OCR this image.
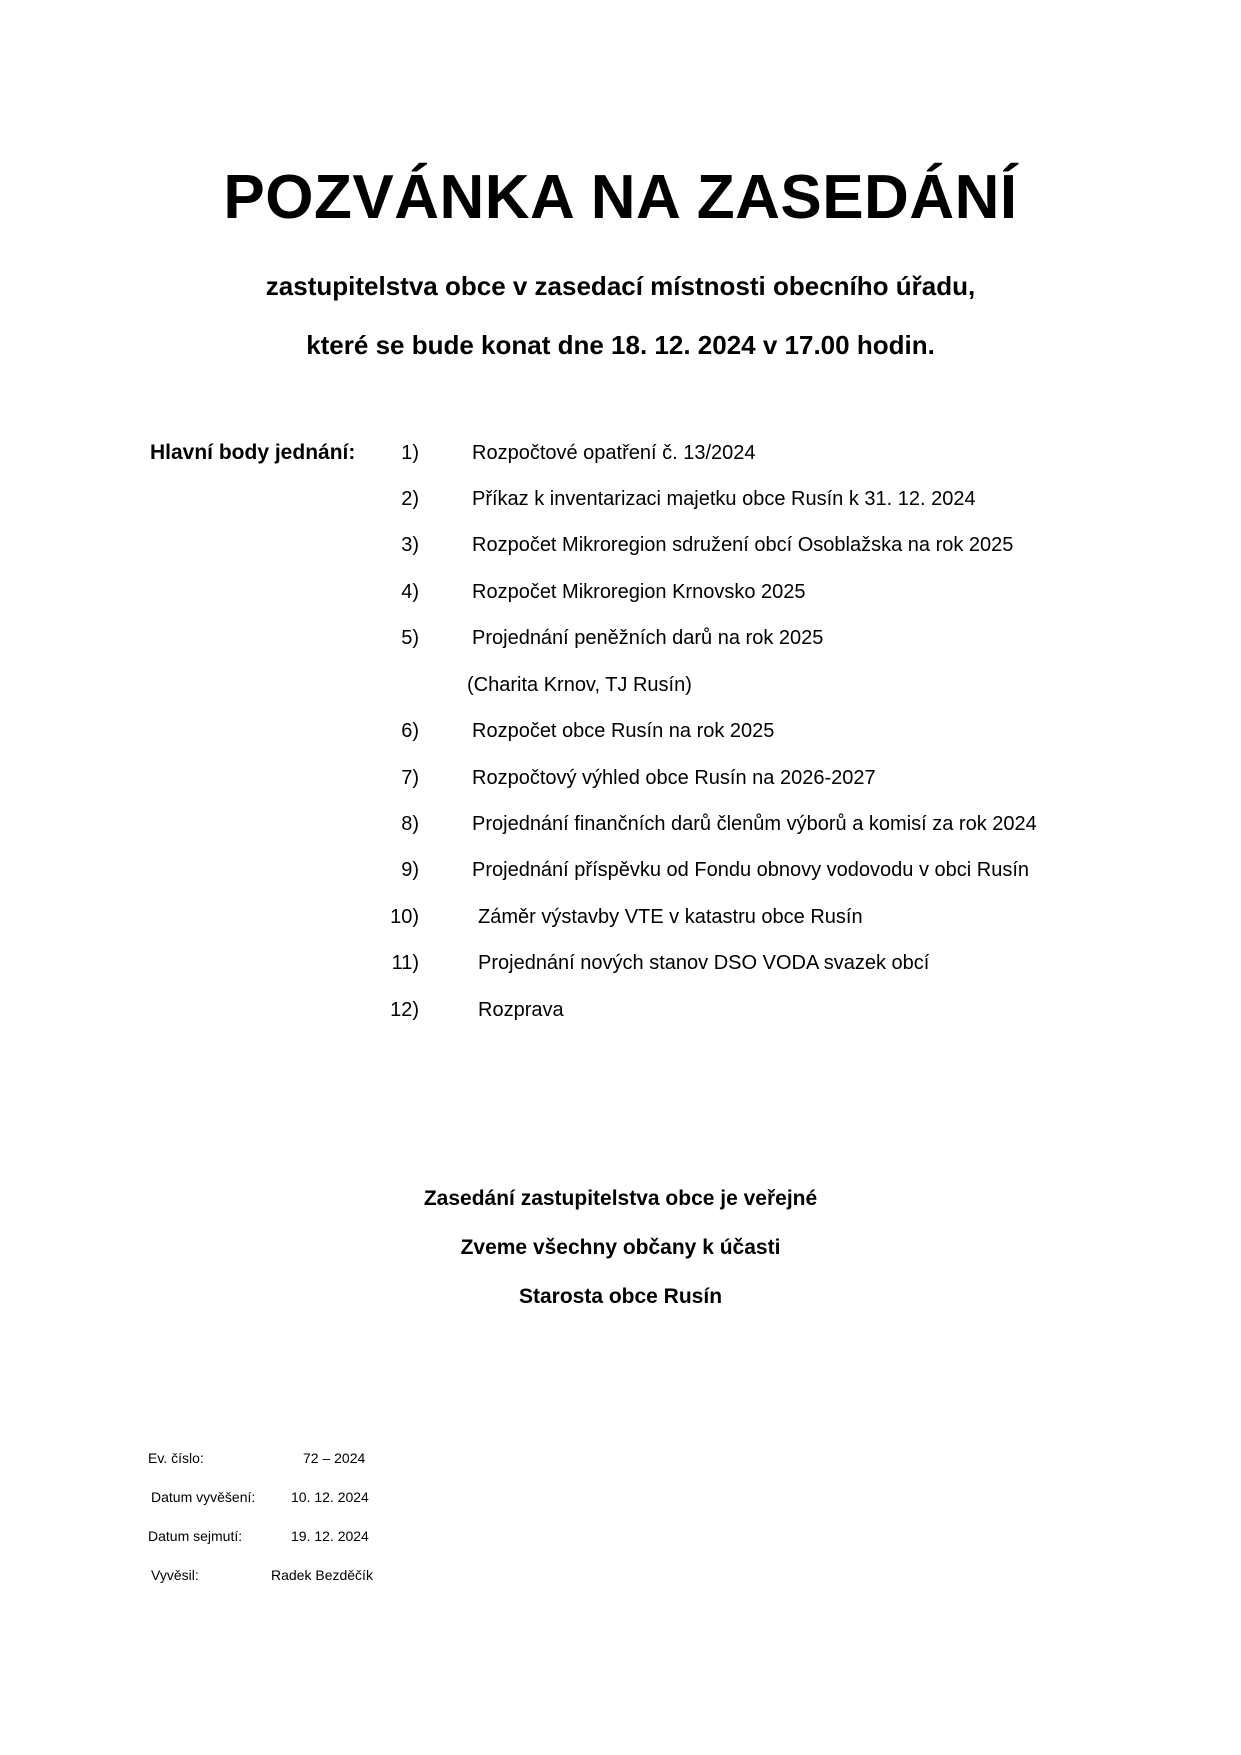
POZVÁNKA NA ZASEDÁNÍ
zastupitelstva obce v zasedací místnosti obecního úřadu,
které se bude konat dne 18. 12. 2024 v 17.00 hodin.
Hlavní body jednání: 1)	Rozpočtové opatření č. 13/2024
2)	Příkaz k inventarizaci majetku obce Rusín k 31. 12. 2024
3)	Rozpočet Mikroregion sdružení obcí Osoblažska na rok 2025
4)	Rozpočet Mikroregion Krnovsko 2025
5)	Projednání peněžních darů na rok 2025
(Charita Krnov, TJ Rusín)
6)	Rozpočet obce Rusín na rok 2025
7)	Rozpočtový výhled obce Rusín na 2026-2027
8)	Projednání finančních darů členům výborů a komisí za rok 2024
9)	Projednání příspěvku od Fondu obnovy vodovodu v obci Rusín
10)	Záměr výstavby VTE v katastru obce Rusín
11)	Projednání nových stanov DSO VODA svazek obcí
12)	Rozprava
Zasedání zastupitelstva obce je veřejné
Zveme všechny občany k účasti
Starosta obce Rusín
Ev. číslo:	72 – 2024
Datum vyvěšení:	10. 12. 2024
Datum sejmutí:	19. 12. 2024
Vyvěsil:	Radek Bezděčík
